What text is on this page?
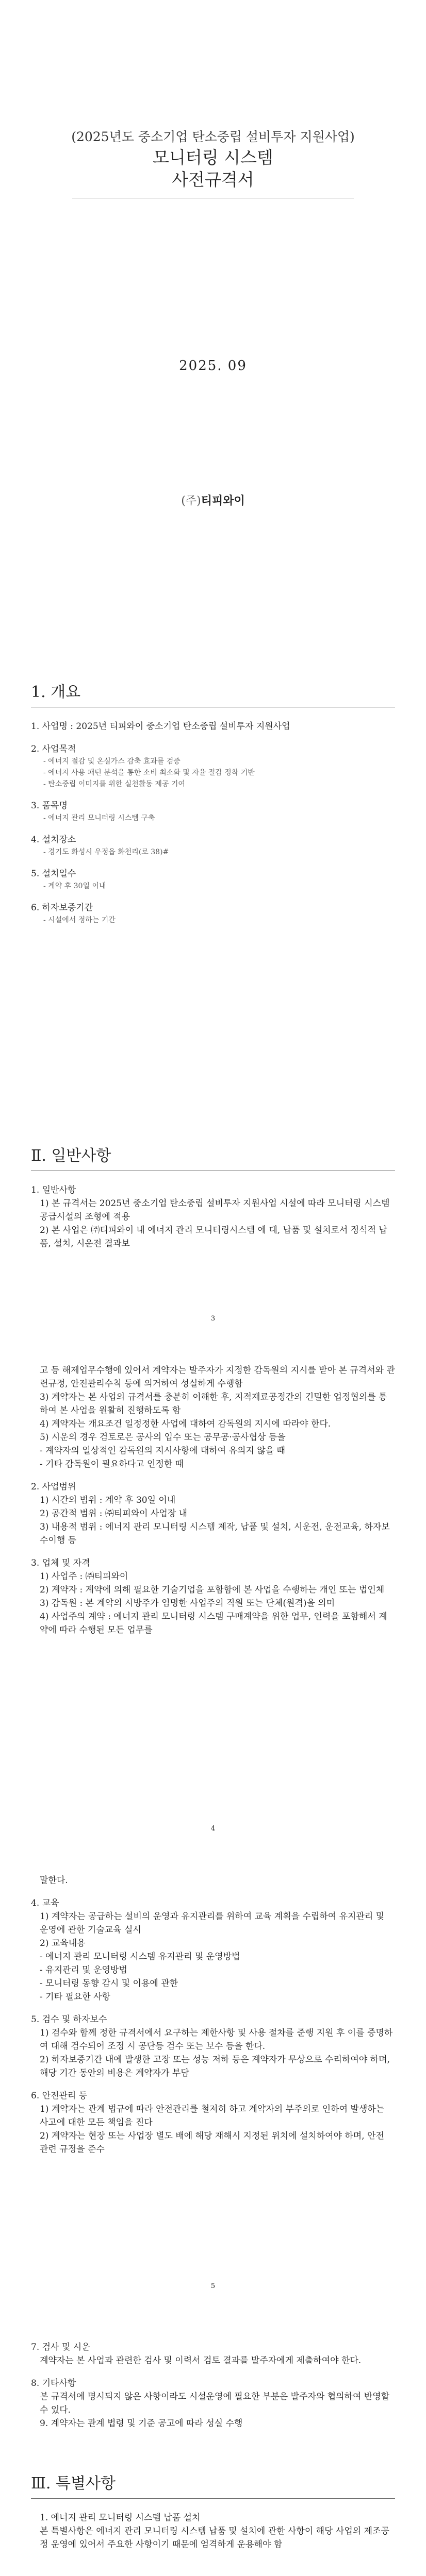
(2025년도 중소기업 탄소중립 설비투자 지원사업)
모니터링 시스템
사전규격서
2025. 09
(주)티피와이
1. 개요

1. 사업명 : 2025년 티피와이 중소기업 탄소중립 설비투자 지원사업

2. 사업목적

- 에너지 절감 및 온실가스 감축 효과를 검증
- 에너지 사용 패턴 분석을 통한 소비 최소화 및 자율 절감 정착 기반
- 탄소중립 이미지를 위한 실천활동 제공 기여

3. 품목명

- 에너지 관리 모니터링 시스템 구축

4. 설치장소

- 경기도 화성시 우정읍 화천리(로 38)#

5. 설치일수

- 계약 후 30일 이내

6. 하자보증기간

- 시설에서 정하는 기간
Ⅱ. 일반사항

1. 일반사항

1) 본 규격서는 2025년 중소기업 탄소중립 설비투자 지원사업 시설에 따라 모니터링 시스템 공급시설의 조형에 적용

2) 본 사업은 ㈜티피와이 내 에너지 관리 모니터링시스템 에 대, 납품 및 설치로서 정석적 납품, 설치, 시운전 결과보

3

고 등 해제업무수행에 있어서 계약자는 발주자가 지정한 감독원의 지시를 받아 본 규격서와 관련규정, 안전관리수칙 등에 의거하여 성실하게 수행함

3) 계약자는 본 사업의 규격서를 충분히 이해한 후, 지적재료공정간의 긴밀한 업정협의를 통하여 본 사업을 원활히 진행하도록 함

4) 계약자는 개요조건 일정정한 사업에 대하여 감독원의 지시에 따라야 한다.

5) 시운의 경우 검토로은 공사의 입수 또는 공무공·공사협상 등을

- 계약자의 일상적인 감독원의 지시사항에 대하여 유의지 않을 때

- 기타 감독원이 필요하다고 인정한 때

2. 사업범위

1) 시간의 범위 : 계약 후 30일 이내

2) 공간적 범위 : ㈜티피와이 사업장 내

3) 내용적 범위 : 에너지 관리 모니터링 시스템 제작, 납품 및 설치, 시운전, 운전교육, 하자보수이행 등

3. 업체 및 자격

1) 사업주 : ㈜티피와이

2) 계약자 : 계약에 의해 필요한 기술기업을 포함함에 본 사업을 수행하는 개인 또는 법인체

3) 감독원 : 본 계약의 시방주가 임명한 사업주의 직원 또는 단체(원격)을 의미

4) 사업주의 계약 : 에너지 관리 모니터링 시스템 구매계약을 위한 업무, 인력을 포함해서 계약에 따라 수행된 모든 업무를

4

말한다.

4. 교육

1) 계약자는 공급하는 설비의 운영과 유지관리를 위하여 교육 계획을 수립하여 유지관리 및 운영에 관한 기술교육 실시

2) 교육내용

- 에너지 관리 모니터링 시스템 유지관리 및 운영방법

- 유지관리 및 운영방법

- 모니터링 동향 감시 및 이용에 관한

- 기타 필요한 사항

5. 검수 및 하자보수

1) 검수와 함께 정한 규격서에서 요구하는 제한사항 및 사용 절차를 준행 지원 후 이를 증명하여 대해 검수되어 조정 시 공단등 검수 또는 보수 등을 한다.

2) 하자보증기간 내에 발생한 고장 또는 성능 저하 등은 계약자가 무상으로 수리하여야 하며, 해당 기간 동안의 비용은 계약자가 부담

6. 안전관리 등

1) 계약자는 관계 법규에 따라 안전관리를 철저히 하고 계약자의 부주의로 인하여 발생하는 사고에 대한 모든 책임을 진다

2) 계약자는 현장 또는 사업장 별도 배에 해당 재해시 지정된 위치에 설치하여야 하며, 안전 관련 규정을 준수

5

7. 검사 및 시운

계약자는 본 사업과 관련한 검사 및 이력서 검토 결과를 발주자에게 제출하여야 한다.

8. 기타사항

본 규격서에 명시되지 않은 사항이라도 시설운영에 필요한 부분은 발주자와 협의하여 반영할 수 있다.

9. 계약자는 관계 법령 및 기준 공고에 따라 성실 수행

Ⅲ. 특별사항

1. 에너지 관리 모니터링 시스템 납품 설치

본 특별사항은 에너지 관리 모니터링 시스템 납품 및 설치에 관한 사항이 해당 사업의 제조공정 운영에 있어서 주요한 사항이기 때문에 엄격하게 운용해야 함
